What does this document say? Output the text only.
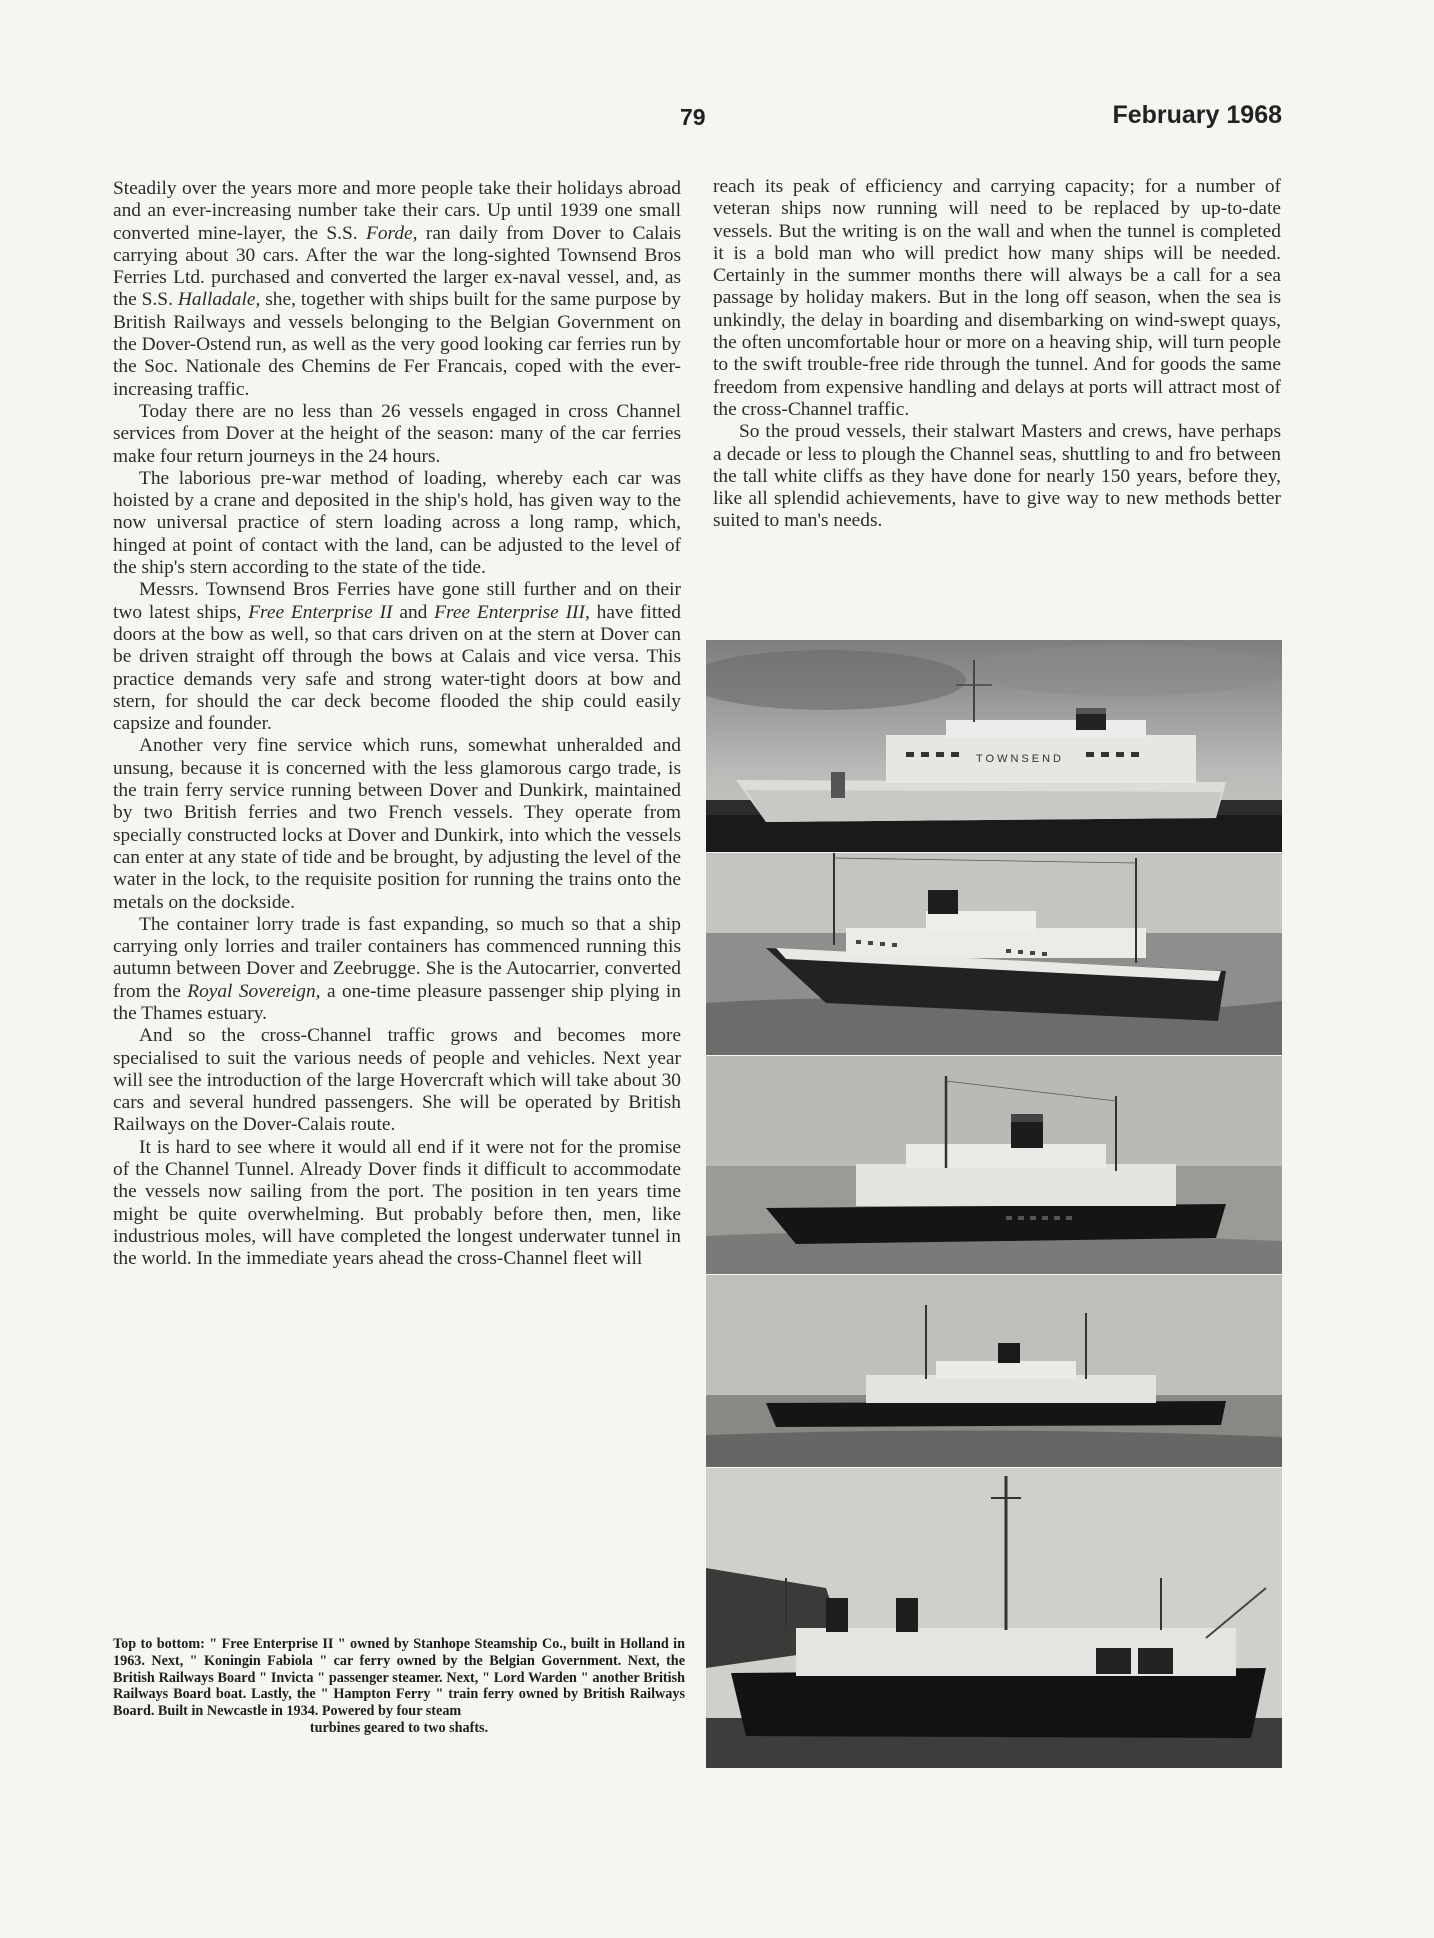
79	February 1968

Steadily over the years more and more people take their holidays abroad and an ever-increasing number take their cars. Up until 1939 one small converted mine-layer, the S.S. Forde, ran daily from Dover to Calais carrying about 30 cars. After the war the long-sighted Townsend Bros Ferries Ltd. purchased and converted the larger ex-naval vessel, and, as the S.S. Halladale, she, together with ships built for the same purpose by British Railways and vessels belonging to the Belgian Government on the Dover-Ostend run, as well as the very good looking car ferries run by the Soc. Nationale des Chemins de Fer Francais, coped with the ever-increasing traffic.

Today there are no less than 26 vessels engaged in cross Channel services from Dover at the height of the season: many of the car ferries make four return journeys in the 24 hours.

The laborious pre-war method of loading, whereby each car was hoisted by a crane and deposited in the ship's hold, has given way to the now universal practice of stern loading across a long ramp, which, hinged at point of contact with the land, can be adjusted to the level of the ship's stern according to the state of the tide.

Messrs. Townsend Bros Ferries have gone still further and on their two latest ships, Free Enterprise II and Free Enterprise III, have fitted doors at the bow as well, so that cars driven on at the stern at Dover can be driven straight off through the bows at Calais and vice versa. This practice demands very safe and strong water-tight doors at bow and stern, for should the car deck become flooded the ship could easily capsize and founder.

Another very fine service which runs, somewhat unheralded and unsung, because it is concerned with the less glamorous cargo trade, is the train ferry service running between Dover and Dunkirk, maintained by two British ferries and two French vessels. They operate from specially constructed locks at Dover and Dunkirk, into which the vessels can enter at any state of tide and be brought, by adjusting the level of the water in the lock, to the requisite position for running the trains onto the metals on the dockside.

The container lorry trade is fast expanding, so much so that a ship carrying only lorries and trailer containers has commenced running this autumn between Dover and Zeebrugge. She is the Autocarrier, converted from the Royal Sovereign, a one-time pleasure passenger ship plying in the Thames estuary.

And so the cross-Channel traffic grows and becomes more specialised to suit the various needs of people and vehicles. Next year will see the introduction of the large Hovercraft which will take about 30 cars and several hundred passengers. She will be operated by British Railways on the Dover-Calais route.

It is hard to see where it would all end if it were not for the promise of the Channel Tunnel. Already Dover finds it difficult to accommodate the vessels now sailing from the port. The position in ten years time might be quite overwhelming. But probably before then, men, like industrious moles, will have completed the longest underwater tunnel in the world. In the immediate years ahead the cross-Channel fleet will

reach its peak of efficiency and carrying capacity; for a number of veteran ships now running will need to be replaced by up-to-date vessels. But the writing is on the wall and when the tunnel is completed it is a bold man who will predict how many ships will be needed. Certainly in the summer months there will always be a call for a sea passage by holiday makers. But in the long off season, when the sea is unkindly, the delay in boarding and disembarking on wind-swept quays, the often uncomfortable hour or more on a heaving ship, will turn people to the swift trouble-free ride through the tunnel. And for goods the same freedom from expensive handling and delays at ports will attract most of the cross-Channel traffic.

So the proud vessels, their stalwart Masters and crews, have perhaps a decade or less to plough the Channel seas, shuttling to and fro between the tall white cliffs as they have done for nearly 150 years, before they, like all splendid achievements, have to give way to new methods better suited to man's needs.

TOWNSEND
Top to bottom: " Free Enterprise II " owned by Stanhope Steamship Co., built in Holland in 1963. Next, " Koningin Fabiola " car ferry owned by the Belgian Government. Next, the British Railways Board " Invicta " passenger steamer. Next, " Lord Warden " another British Railways Board boat. Lastly, the " Hampton Ferry " train ferry owned by British Railways Board. Built in Newcastle in 1934. Powered by four steam
turbines geared to two shafts.
